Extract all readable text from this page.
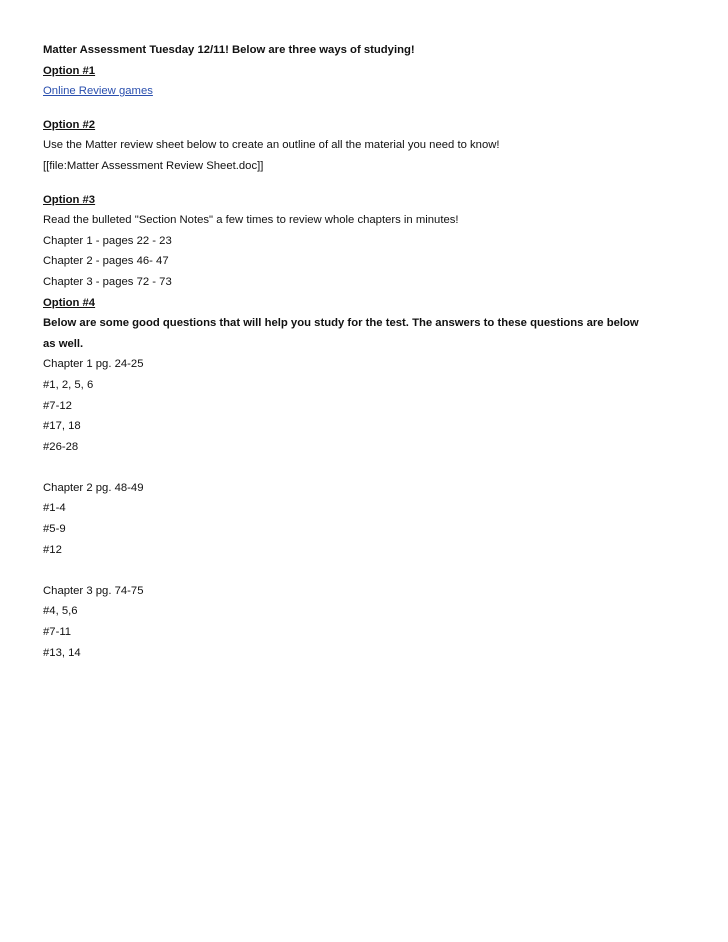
Matter Assessment Tuesday 12/11! Below are three ways of studying!
Option #1
Online Review games
Option #2
Use the Matter review sheet below to create an outline of all the material you need to know!
[[file:Matter Assessment Review Sheet.doc]]
Option #3
Read the bulleted "Section Notes" a few times to review whole chapters in minutes!
Chapter 1 - pages 22 - 23
Chapter 2 - pages 46- 47
Chapter 3 - pages 72 - 73
Option #4
Below are some good questions that will help you study for the test. The answers to these questions are below
as well.
Chapter 1 pg. 24-25
#1, 2, 5, 6
#7-12
#17, 18
#26-28
Chapter 2 pg. 48-49
#1-4
#5-9
#12
Chapter 3 pg. 74-75
#4, 5,6
#7-11
#13, 14
